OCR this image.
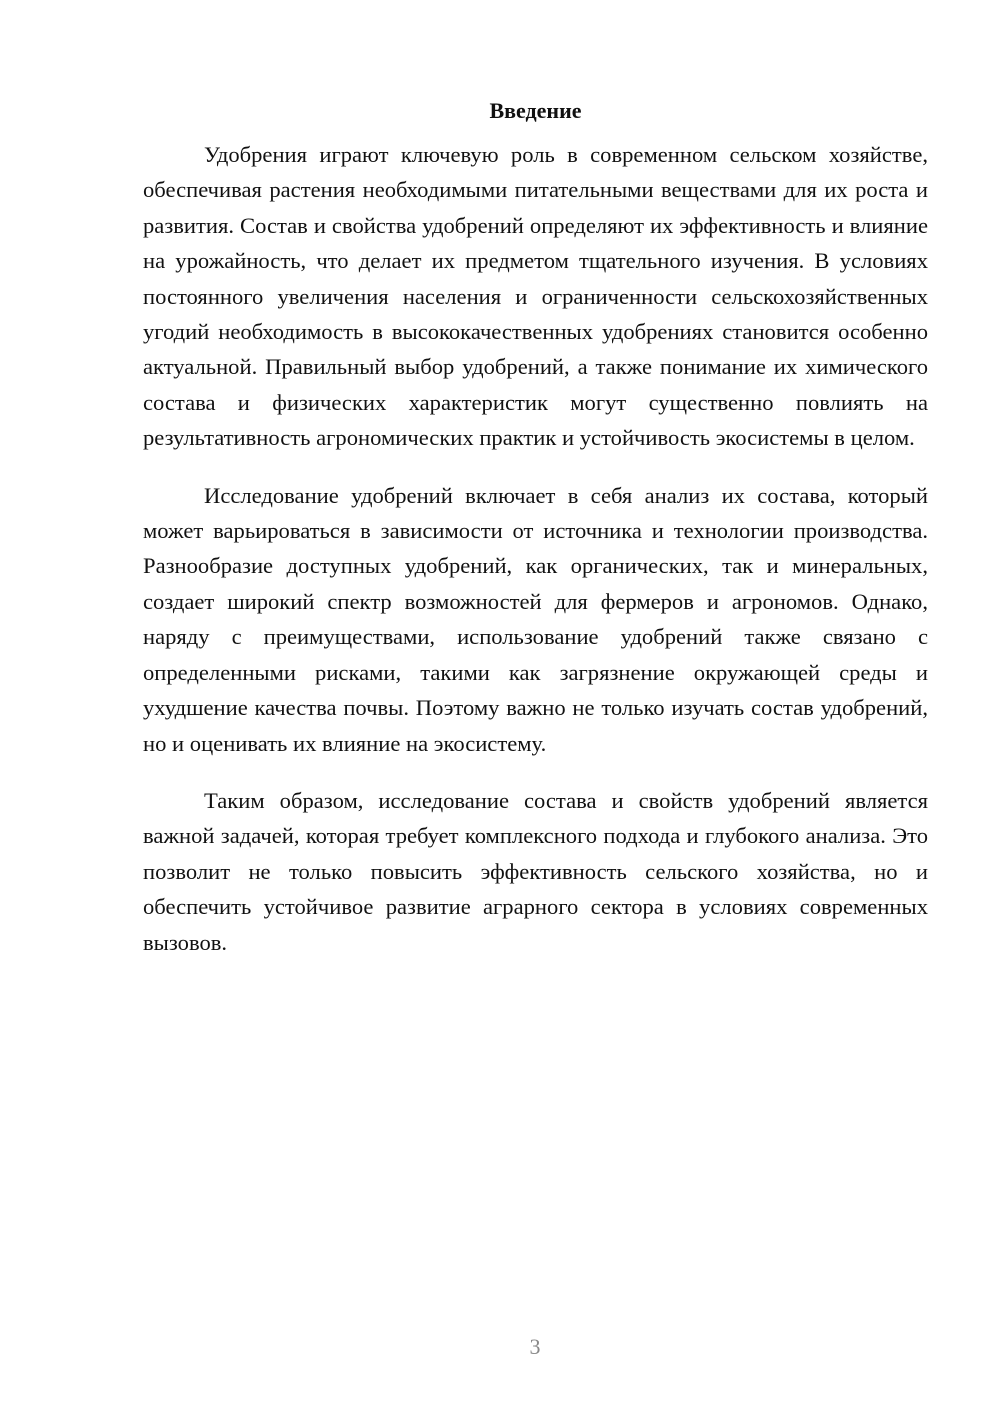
Введение

Удобрения играют ключевую роль в современном сельском хозяйстве, обеспечивая растения необходимыми питательными веществами для их роста и развития. Состав и свойства удобрений определяют их эффективность и влияние на урожайность, что делает их предметом тщательного изучения. В условиях постоянного увеличения населения и ограниченности сельскохозяйственных угодий необходимость в высококачественных удобрениях становится особенно актуальной. Правильный выбор удобрений, а также понимание их химического состава и физических характеристик могут существенно повлиять на результативность агрономических практик и устойчивость экосистемы в целом.

Исследование удобрений включает в себя анализ их состава, который может варьироваться в зависимости от источника и технологии производства. Разнообразие доступных удобрений, как органических, так и минеральных, создает широкий спектр возможностей для фермеров и агрономов. Однако, наряду с преимуществами, использование удобрений также связано с определенными рисками, такими как загрязнение окружающей среды и ухудшение качества почвы. Поэтому важно не только изучать состав удобрений, но и оценивать их влияние на экосистему.

Таким образом, исследование состава и свойств удобрений является важной задачей, которая требует комплексного подхода и глубокого анализа. Это позволит не только повысить эффективность сельского хозяйства, но и обеспечить устойчивое развитие аграрного сектора в условиях современных вызовов.

3
